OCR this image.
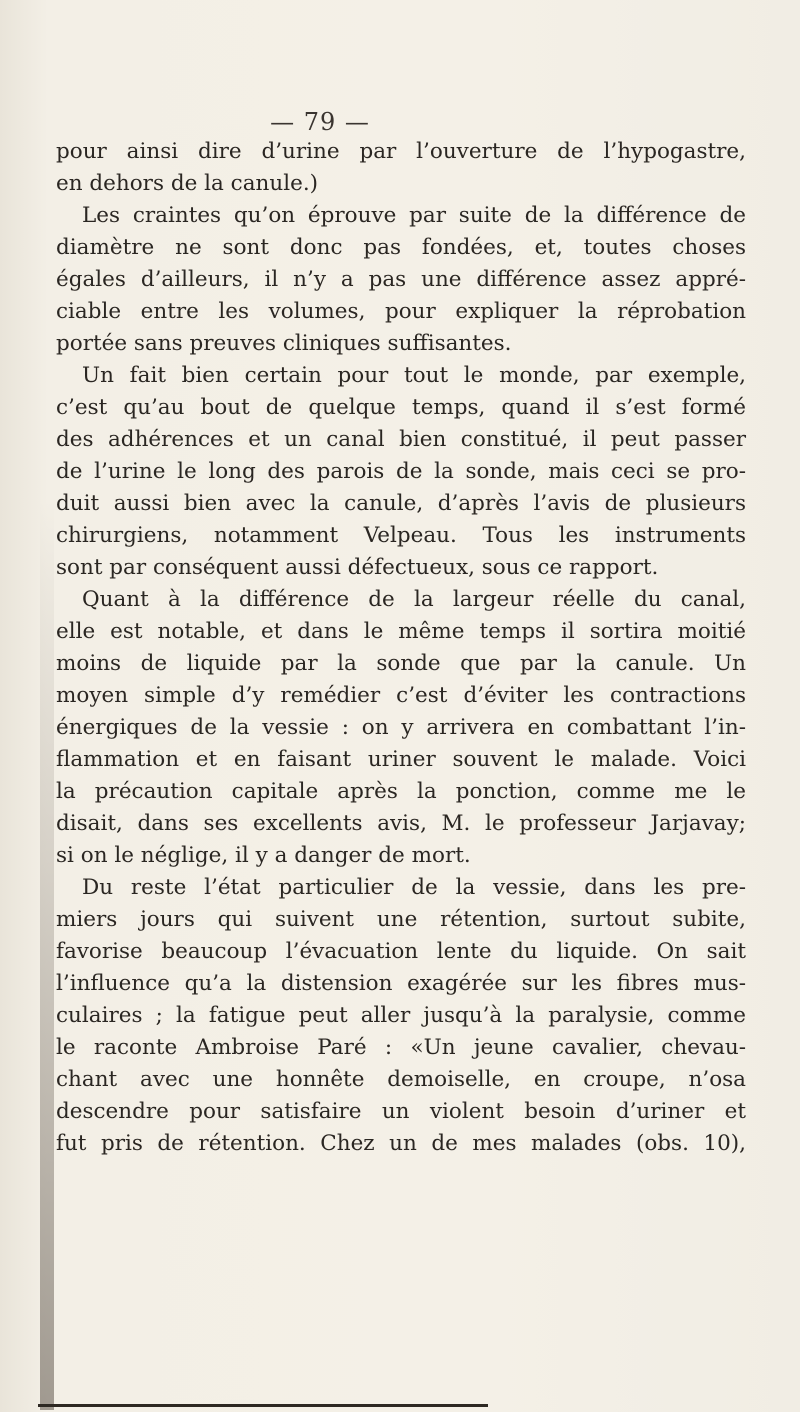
— 79 —
pour ainsi dire d’urine par l’ouverture de l’hypogastre,
en dehors de la canule.)
Les craintes qu’on éprouve par suite de la différence de
diamètre ne sont donc pas fondées, et, toutes choses
égales d’ailleurs, il n’y a pas une différence assez appré-
ciable entre les volumes, pour expliquer la réprobation
portée sans preuves cliniques suffisantes.
Un fait bien certain pour tout le monde, par exemple,
c’est qu’au bout de quelque temps, quand il s’est formé
des adhérences et un canal bien constitué, il peut passer
de l’urine le long des parois de la sonde, mais ceci se pro-
duit aussi bien avec la canule, d’après l’avis de plusieurs
chirurgiens, notamment Velpeau. Tous les instruments
sont par conséquent aussi défectueux, sous ce rapport.
Quant à la différence de la largeur réelle du canal,
elle est notable, et dans le même temps il sortira moitié
moins de liquide par la sonde que par la canule. Un
moyen simple d’y remédier c’est d’éviter les contractions
énergiques de la vessie : on y arrivera en combattant l’in-
flammation et en faisant uriner souvent le malade. Voici
la précaution capitale après la ponction, comme me le
disait, dans ses excellents avis, M. le professeur Jarjavay;
si on le néglige, il y a danger de mort.
Du reste l’état particulier de la vessie, dans les pre-
miers jours qui suivent une rétention, surtout subite,
favorise beaucoup l’évacuation lente du liquide. On sait
l’influence qu’a la distension exagérée sur les fibres mus-
culaires ; la fatigue peut aller jusqu’à la paralysie, comme
le raconte Ambroise Paré : «Un jeune cavalier, chevau-
chant avec une honnête demoiselle, en croupe, n’osa
descendre pour satisfaire un violent besoin d’uriner et
fut pris de rétention. Chez un de mes malades (obs. 10),
